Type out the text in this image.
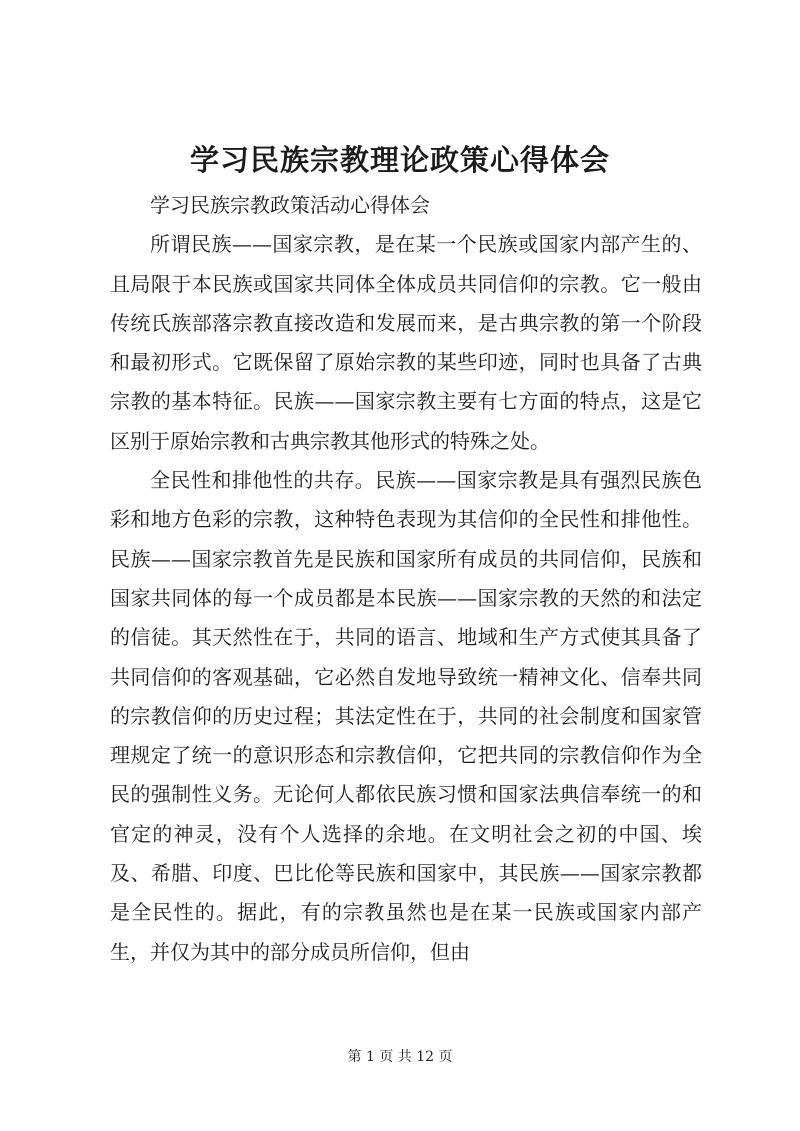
学习民族宗教理论政策心得体会

学习民族宗教政策活动心得体会

所谓民族——国家宗教，是在某一个民族或国家内部产生的、且局限于本民族或国家共同体全体成员共同信仰的宗教。它一般由传统氏族部落宗教直接改造和发展而来，是古典宗教的第一个阶段和最初形式。它既保留了原始宗教的某些印迹，同时也具备了古典宗教的基本特征。民族——国家宗教主要有七方面的特点，这是它区别于原始宗教和古典宗教其他形式的特殊之处。

全民性和排他性的共存。民族——国家宗教是具有强烈民族色彩和地方色彩的宗教，这种特色表现为其信仰的全民性和排他性。民族——国家宗教首先是民族和国家所有成员的共同信仰，民族和国家共同体的每一个成员都是本民族——国家宗教的天然的和法定的信徒。其天然性在于，共同的语言、地域和生产方式使其具备了共同信仰的客观基础，它必然自发地导致统一精神文化、信奉共同的宗教信仰的历史过程；其法定性在于，共同的社会制度和国家管理规定了统一的意识形态和宗教信仰，它把共同的宗教信仰作为全民的强制性义务。无论何人都依民族习惯和国家法典信奉统一的和官定的神灵，没有个人选择的余地。在文明社会之初的中国、埃及、希腊、印度、巴比伦等民族和国家中，其民族——国家宗教都是全民性的。据此，有的宗教虽然也是在某一民族或国家内部产生，并仅为其中的部分成员所信仰，但由

第 1 页 共 12 页
